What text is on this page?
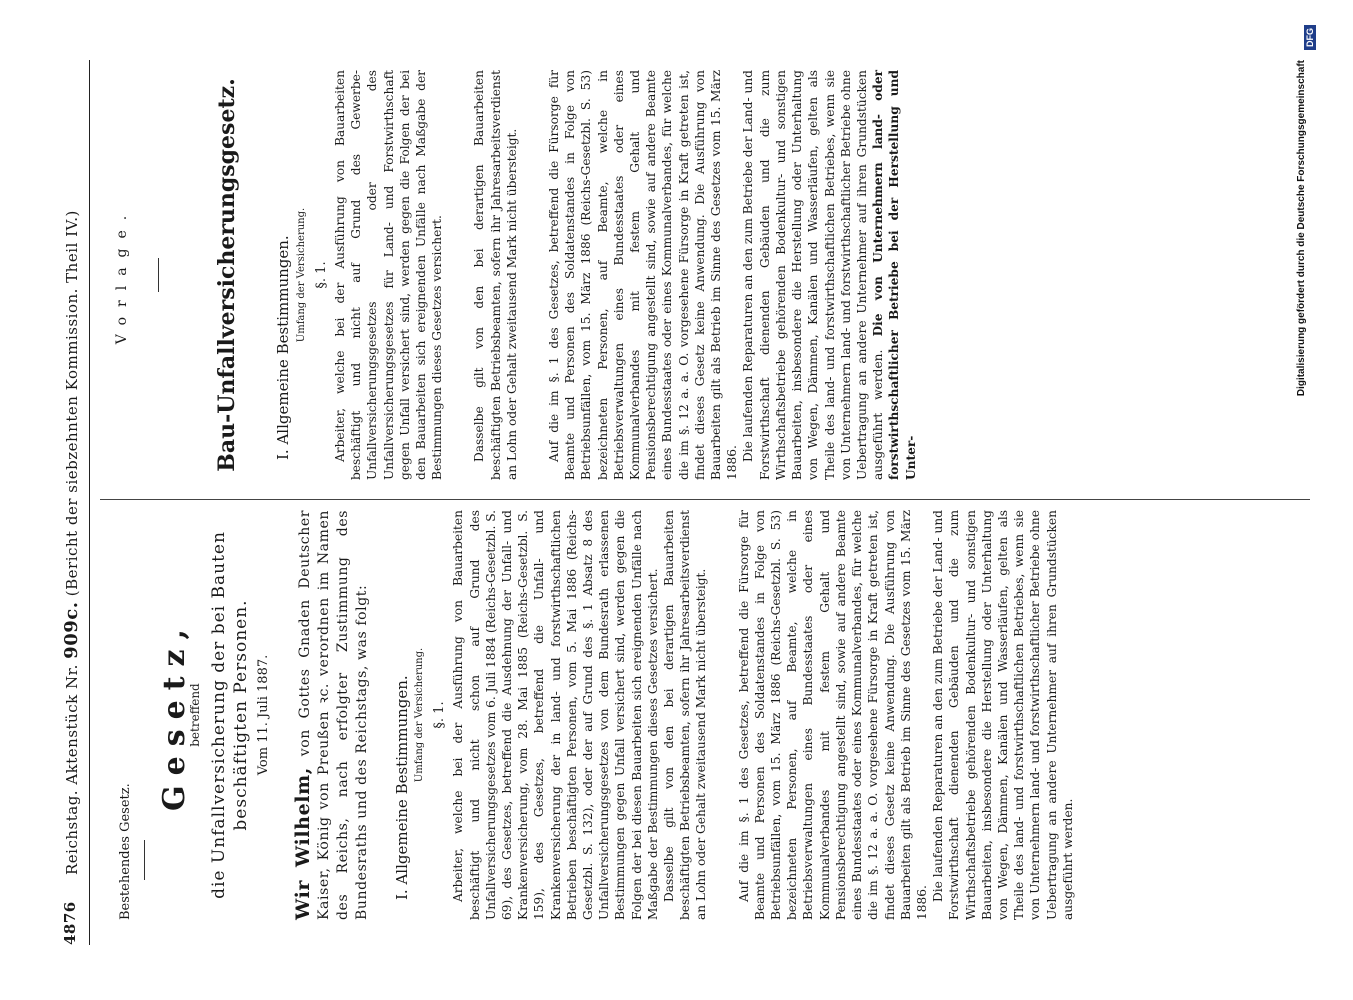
4876
Reichstag. Aktenstück Nr. 909c. (Bericht der siebzehnten Kommission. Theil IV.)
Bestehendes Gesetz.
Gesetz,
betreffend die Unfallversicherung der bei Bauten beschäftigten Personen. Vom 11. Juli 1887.
Wir Wilhelm, von Gottes Gnaden Deutscher Kaiser, König von Preußen ꝛc. verordnen im Namen des Reichs, nach erfolgter Zustimmung des Bundesraths und des Reichstags, was folgt: I. Allgemeine Bestimmungen. Umfang der Versicherung. §. 1. Arbeiter, welche bei der Ausführung von Bauarbeiten beschäftigt und nicht schon auf Grund des Unfallversicherungsgesetzes vom 6. Juli 1884 (Reichs-Gesetzbl. S. 69), des Gesetzes, betreffend die Ausdehnung der Unfall- und Krankenversicherung, vom 28. Mai 1885 (Reichs-Gesetzbl. S. 159), des Gesetzes, betreffend die Unfall- und Krankenversicherung der in land- und forstwirthschaftlichen Betrieben beschäftigten Personen, vom 5. Mai 1886 (Reichs-Gesetzbl. S. 132), oder der auf Grund des §. 1 Absatz 8 des Unfallversicherungsgesetzes von dem Bundesrath erlassenen Bestimmungen gegen Unfall versichert sind, werden gegen die Folgen der bei diesen Bauarbeiten sich ereignenden Unfälle nach Maßgabe der Bestimmungen dieses Gesetzes versichert. Dasselbe gilt von den bei derartigen Bauarbeiten beschäftigten Betriebsbeamten, sofern ihr Jahresarbeitsverdienst an Lohn oder Gehalt zweitausend Mark nicht übersteigt. Auf die im §. 1 des Gesetzes, betreffend die Fürsorge für Beamte und Personen des Soldatenstandes in Folge von Betriebsunfällen, vom 15. März 1886 (Reichs-Gesetzbl. S. 53) bezeichneten Personen, auf Beamte, welche in Betriebsverwaltungen eines Bundesstaates oder eines Kommunalverbandes mit festem Gehalt und Pensionsberechtigung angestellt sind, sowie auf andere Beamte eines Bundesstaates oder eines Kommunalverbandes, für welche die im §. 12 a. a. O. vorgesehene Fürsorge in Kraft getreten ist, findet dieses Gesetz keine Anwendung. Die Ausführung von Bauarbeiten gilt als Betrieb im Sinne des Gesetzes vom 15. März 1886.

Die laufenden Reparaturen an den zum Betriebe der Land- und Forstwirthschaft dienenden Gebäuden und die zum Wirthschaftsbetriebe gehörenden Bodenkultur- und sonstigen Bauarbeiten, insbesondere die Herstellung oder Unterhaltung von Wegen, Dämmen, Kanälen und Wasserläufen, gelten als Theile des land- und forstwirthschaftlichen Betriebes, wenn sie von Unternehmern land- und forstwirthschaftlicher Betriebe ohne Uebertragung an andere Unternehmer auf ihren Grundstücken ausgeführt werden.

Vorlage.	Bau-Unfallversicherungsgesetz. I. Allgemeine Bestimmungen. Umfang der Versicherung. §. 1. Arbeiter, welche bei der Ausführung von Bauarbeiten beschäftigt und nicht auf Grund des Gewerbe-Unfallversicherungsgesetzes oder des Unfallversicherungsgesetzes für Land- und Forstwirthschaft gegen Unfall versichert sind, werden gegen die Folgen der bei den Bauarbeiten sich ereignenden Unfälle nach Maßgabe der Bestimmungen dieses Gesetzes versichert. Dasselbe gilt von den bei derartigen Bauarbeiten beschäftigten Betriebsbeamten, sofern ihr Jahresarbeitsverdienst an Lohn oder Gehalt zweitausend Mark nicht übersteigt. Auf die im §. 1 des Gesetzes, betreffend die Fürsorge für Beamte und Personen des Soldatenstandes in Folge von Betriebsunfällen, vom 15. März 1886 (Reichs-Gesetzbl. S. 53) bezeichneten Personen, auf Beamte, welche in Betriebsverwaltungen eines Bundesstaates oder eines Kommunalverbandes mit festem Gehalt und Pensionsberechtigung angestellt sind, sowie auf andere Beamte eines Bundesstaates oder eines Kommunalverbandes, für welche die im §. 12 a. a. O. vorgesehene Fürsorge in Kraft getreten ist, findet dieses Gesetz keine Anwendung. Die Ausführung von Bauarbeiten gilt als Betrieb im Sinne des Gesetzes vom 15. März 1886.

Die laufenden Reparaturen an den zum Betriebe der Land- und Forstwirthschaft dienenden Gebäuden und die zum Wirthschaftsbetriebe gehörenden Bodenkultur- und sonstigen Bauarbeiten, insbesondere die Herstellung oder Unterhaltung von Wegen, Dämmen, Kanälen und Wasserläufen, gelten als Theile des land- und forstwirthschaftlichen Betriebes, wenn sie von Unternehmern land- und forstwirthschaftlicher Betriebe ohne Uebertragung an andere Unternehmer auf ihren Grundstücken ausgeführt werden. Die von Unternehmern land- oder forstwirthschaftlicher Betriebe bei der Herstellung und Unter-

Digitalisierung gefördert durch die Deutsche Forschungsgemeinschaft
DFG
